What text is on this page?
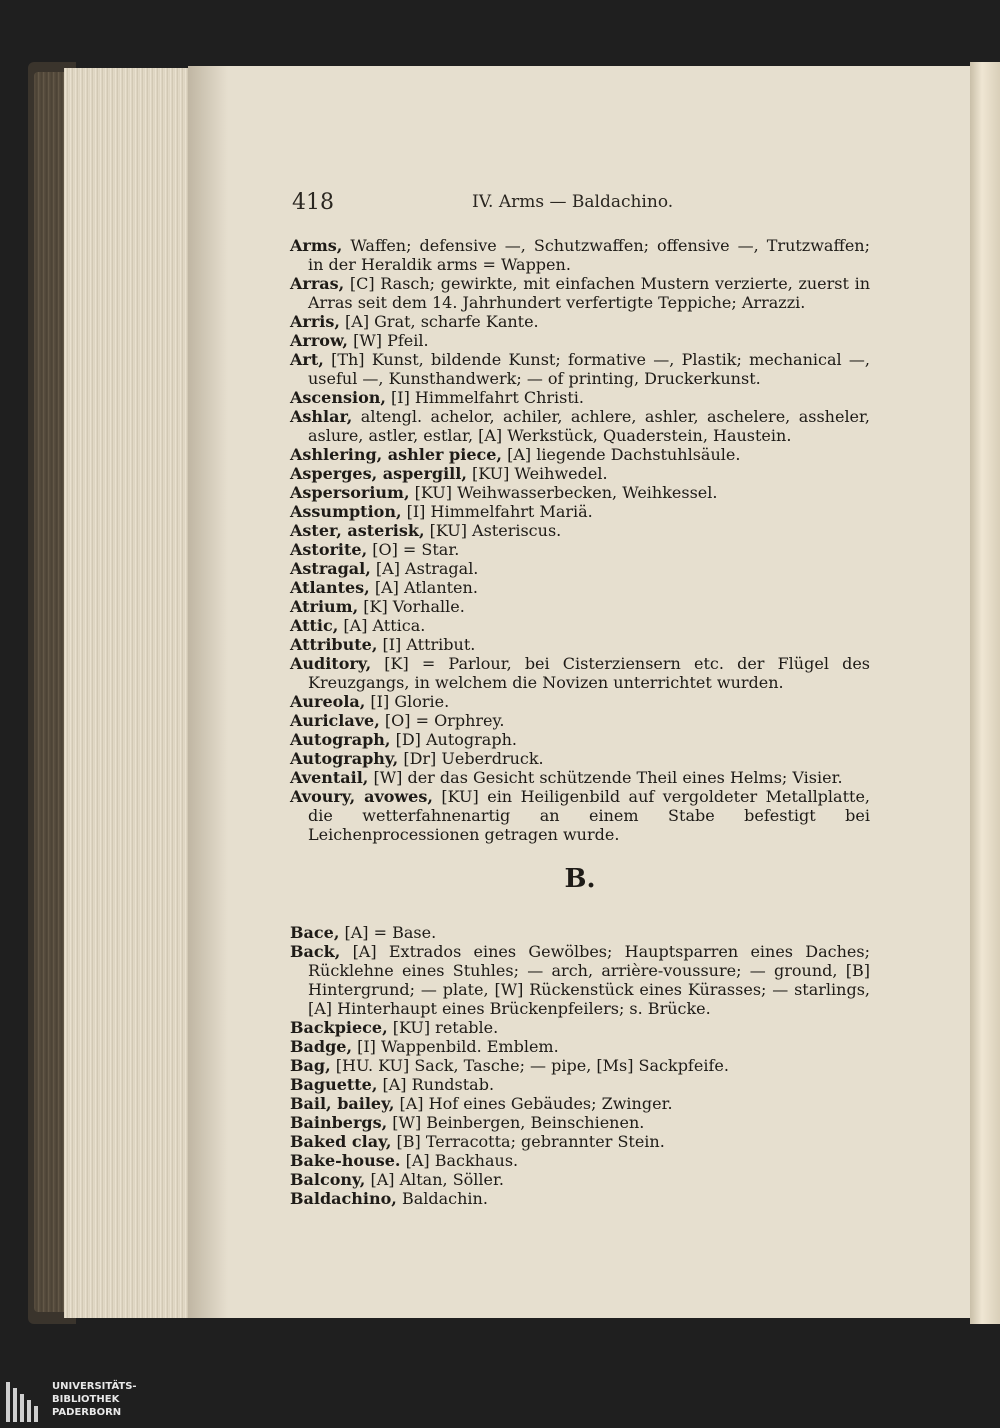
418	IV. Arms — Baldachino.

Arms, Waffen; defensive —, Schutzwaffen; offensive —, Trutzwaffen; in der Heraldik arms = Wappen.

Arras, [C] Rasch; gewirkte, mit einfachen Mustern verzierte, zuerst in Arras seit dem 14. Jahrhundert verfertigte Teppiche; Arrazzi.

Arris, [A] Grat, scharfe Kante.

Arrow, [W] Pfeil.

Art, [Th] Kunst, bildende Kunst; formative —, Plastik; mechanical —, useful —, Kunsthandwerk; — of printing, Druckerkunst.

Ascension, [I] Himmelfahrt Christi.

Ashlar, altengl. achelor, achiler, achlere, ashler, aschelere, assheler, aslure, astler, estlar, [A] Werkstück, Quaderstein, Haustein.

Ashlering, ashler piece, [A] liegende Dachstuhlsäule.

Asperges, aspergill, [KU] Weihwedel.

Aspersorium, [KU] Weihwasserbecken, Weihkessel.

Assumption, [I] Himmelfahrt Mariä.

Aster, asterisk, [KU] Asteriscus.

Astorite, [O] = Star.

Astragal, [A] Astragal.

Atlantes, [A] Atlanten.

Atrium, [K] Vorhalle.

Attic, [A] Attica.

Attribute, [I] Attribut.

Auditory, [K] = Parlour, bei Cisterziensern etc. der Flügel des Kreuzgangs, in welchem die Novizen unterrichtet wurden.

Aureola, [I] Glorie.

Auriclave, [O] = Orphrey.

Autograph, [D] Autograph.

Autography, [Dr] Ueberdruck.

Aventail, [W] der das Gesicht schützende Theil eines Helms; Visier.

Avoury, avowes, [KU] ein Heiligenbild auf vergoldeter Metallplatte, die wetterfahnenartig an einem Stabe befestigt bei Leichenprocessionen getragen wurde.

B.

Bace, [A] = Base.

Back, [A] Extrados eines Gewölbes; Hauptsparren eines Daches; Rücklehne eines Stuhles; — arch, arrière-voussure; — ground, [B] Hintergrund; — plate, [W] Rückenstück eines Kürasses; — starlings, [A] Hinterhaupt eines Brückenpfeilers; s. Brücke.

Backpiece, [KU] retable.

Badge, [I] Wappenbild. Emblem.

Bag, [HU. KU] Sack, Tasche; — pipe, [Ms] Sackpfeife.

Baguette, [A] Rundstab.

Bail, bailey, [A] Hof eines Gebäudes; Zwinger.

Bainbergs, [W] Beinbergen, Beinschienen.

Baked clay, [B] Terracotta; gebrannter Stein.

Bake-house. [A] Backhaus.

Balcony, [A] Altan, Söller.

Baldachino, Baldachin.

UNIVERSITÄTS-
BIBLIOTHEK
PADERBORN
